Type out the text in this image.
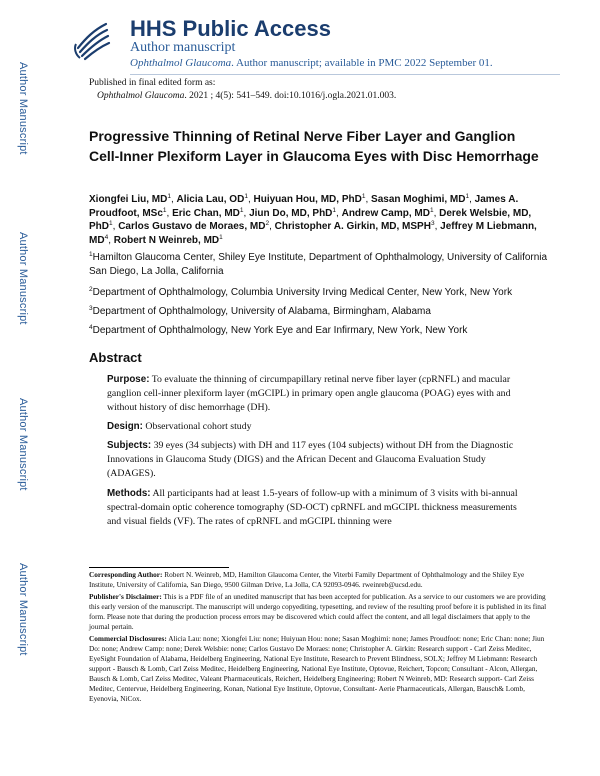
Author Manuscript
Author Manuscript
Author Manuscript
Author Manuscript
HHS Public Access
Author manuscript
Ophthalmol Glaucoma. Author manuscript; available in PMC 2022 September 01.
Published in final edited form as:
Ophthalmol Glaucoma. 2021 ; 4(5): 541–549. doi:10.1016/j.ogla.2021.01.003.
Progressive Thinning of Retinal Nerve Fiber Layer and Ganglion Cell-Inner Plexiform Layer in Glaucoma Eyes with Disc Hemorrhage
Xiongfei Liu, $MD^1$, Alicia Lau, $OD^1$, Huiyuan Hou, MD, PhD$^1$, Sasan Moghimi, $MD^1$, James A. Proudfoot, MSc$^1$, Eric Chan, $MD^1$, Jiun Do, MD, PhD$^1$, Andrew Camp, $MD^1$, Derek Welsbie, MD, PhD$^1$, Carlos Gustavo de Moraes, $MD^2$, Christopher A. Girkin, MD, MSPH$^3$, Jeffrey M Liebmann, $MD^4$, Robert N Weinreb, $MD^1$
$^1$Hamilton Glaucoma Center, Shiley Eye Institute, Department of Ophthalmology, University of California San Diego, La Jolla, California
$^2$Department of Ophthalmology, Columbia University Irving Medical Center, New York, New York
$^3$Department of Ophthalmology, University of Alabama, Birmingham, Alabama
$^4$Department of Ophthalmology, New York Eye and Ear Infirmary, New York, New York
Abstract
Purpose: To evaluate the thinning of circumpapillary retinal nerve fiber layer (cpRNFL) and macular ganglion cell-inner plexiform layer (mGCIPL) in primary open angle glaucoma (POAG) eyes with and without history of disc hemorrhage (DH).
Design: Observational cohort study
Subjects: 39 eyes (34 subjects) with DH and 117 eyes (104 subjects) without DH from the Diagnostic Innovations in Glaucoma Study (DIGS) and the African Decent and Glaucoma Evaluation Study (ADAGES).
Methods: All participants had at least 1.5-years of follow-up with a minimum of 3 visits with bi-annual spectral-domain optic coherence tomography (SD-OCT) cpRNFL and mGCIPL thickness measurements and visual fields (VF). The rates of cpRNFL and mGCIPL thinning were
Corresponding Author: Robert N. Weinreb, MD, Hamilton Glaucoma Center, the Viterbi Family Department of Ophthalmology and the Shiley Eye Institute, University of California, San Diego, 9500 Gilman Drive, La Jolla, CA 92093-0946. rweinreb@ucsd.edu.
Publisher's Disclaimer: This is a PDF file of an unedited manuscript that has been accepted for publication. As a service to our customers we are providing this early version of the manuscript. The manuscript will undergo copyediting, typesetting, and review of the resulting proof before it is published in its final form. Please note that during the production process errors may be discovered which could affect the content, and all legal disclaimers that apply to the journal pertain.
Commercial Disclosures: Alicia Lau: none; Xiongfei Liu: none; Huiyuan Hou: none; Sasan Moghimi: none; James Proudfoot: none; Eric Chan: none; Jiun Do: none; Andrew Camp: none; Derek Welsbie: none; Carlos Gustavo De Moraes: none; Christopher A. Girkin: Research support - Carl Zeiss Meditec, EyeSight Foundation of Alabama, Heidelberg Engineering, National Eye Institute, Research to Prevent Blindness, SOLX; Jeffrey M Liebmann: Research support - Bausch & Lomb, Carl Zeiss Meditec, Heidelberg Engineering, National Eye Institute, Optovue, Reichert, Topcon; Consultant - Alcon, Allergan, Bausch & Lomb, Carl Zeiss Meditec, Valeant Pharmaceuticals, Reichert, Heidelberg Engineering; Robert N Weinreb, MD: Research support- Carl Zeiss Meditec, Centervue, Heidelberg Engineering, Konan, National Eye Institute, Optovue, Consultant- Aerie Pharmaceuticals, Allergan, Bausch& Lomb, Eyenovia, NiCox.
